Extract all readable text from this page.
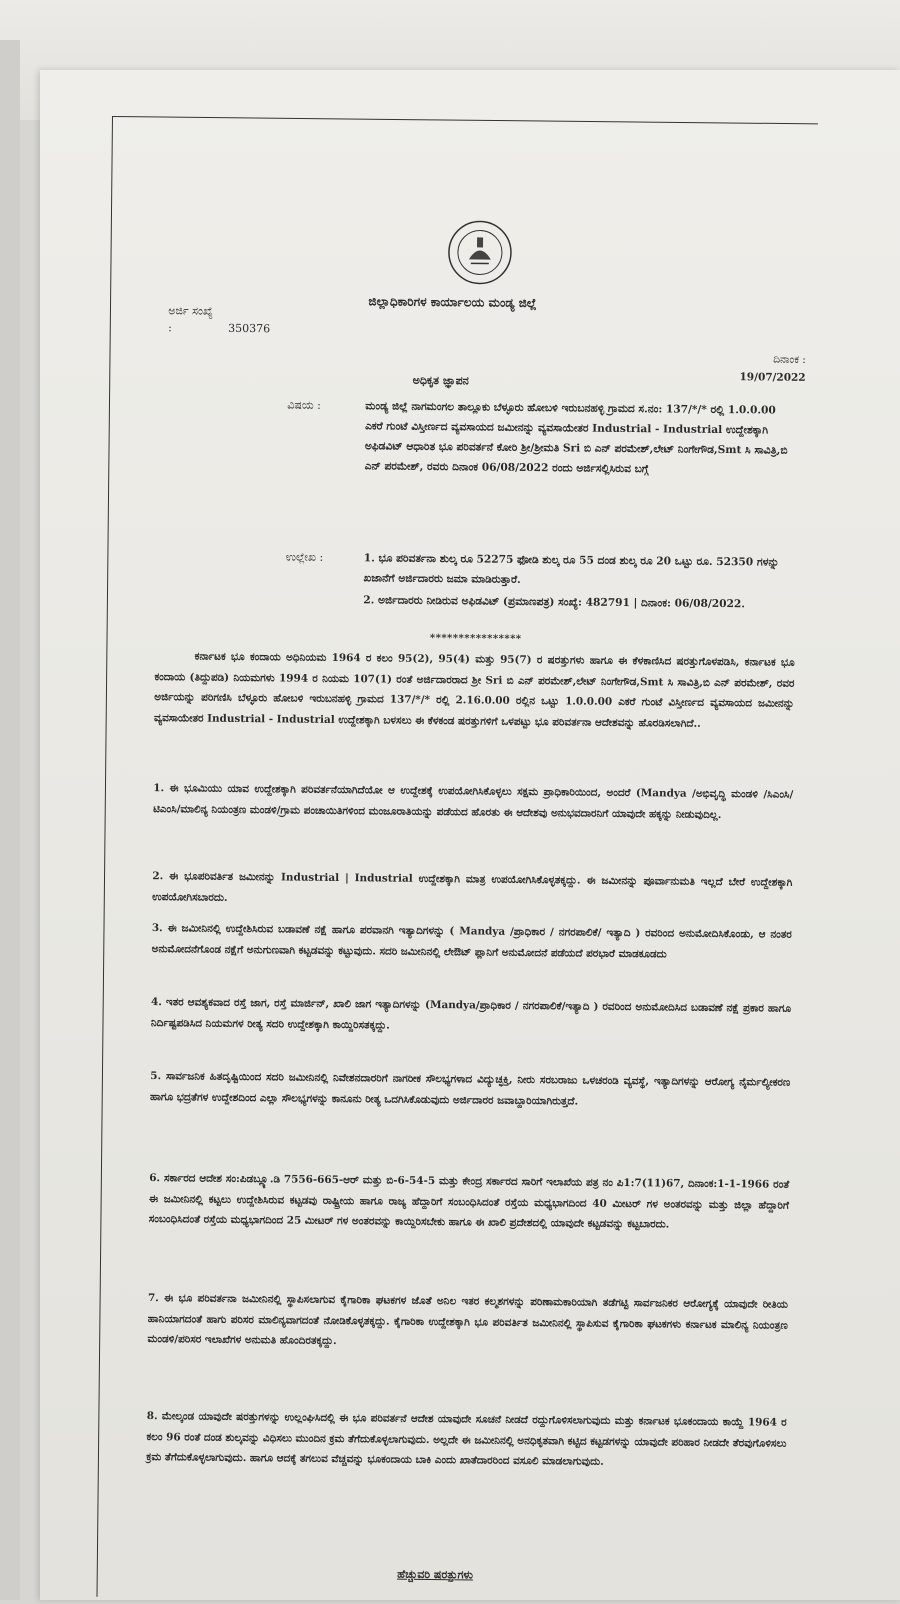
ಜಿಲ್ಲಾಧಿಕಾರಿಗಳ ಕಾರ್ಯಾಲಯ ಮಂಡ್ಯ ಜಿಲ್ಲೆ
ಅರ್ಜಿ ಸಂಖ್ಯೆ :	350376
ದಿನಾಂಕ :
19/07/2022
ಅಧಿಕೃತ ಜ್ಞಾಪನ
ವಿಷಯ :	ಮಂಡ್ಯ ಜಿಲ್ಲೆ ನಾಗಮಂಗಲ ತಾಲ್ಲೂಕು ಬೆಳ್ಳೂರು ಹೋಬಳಿ ಇರುಬನಹಳ್ಳಿ ಗ್ರಾಮದ ಸ.ನಂ: 137/*/* ರಲ್ಲಿ 1.0.0.00 ಎಕರೆ ಗುಂಟೆ ವಿಸ್ತೀರ್ಣದ ವ್ಯವಸಾಯದ ಜಮೀನನ್ನು ವ್ಯವಸಾಯೇತರ Industrial - Industrial ಉದ್ದೇಶಕ್ಕಾಗಿ ಅಫಿಡವಿಟ್ ಆಧಾರಿತ ಭೂ ಪರಿವರ್ತನೆ ಕೋರಿ ಶ್ರೀ/ಶ್ರೀಮತಿ Sri ಬಿ ಎನ್ ಪರಮೇಶ್,ಲೇಟ್ ನಿಂಗೇಗೌಡ,Smt ಸಿ ಸಾವಿತ್ರಿ,ಬಿ ಎನ್ ಪರಮೇಶ್, ರವರು ದಿನಾಂಕ 06/08/2022 ರಂದು ಅರ್ಜಿಸಲ್ಲಿಸಿರುವ ಬಗ್ಗೆ
ಉಲ್ಲೇಖ :	1. ಭೂ ಪರಿವರ್ತನಾ ಶುಲ್ಕ ರೂ 52275 ಫೋಡಿ ಶುಲ್ಕ ರೂ 55 ದಂಡ ಶುಲ್ಕ ರೂ 20 ಒಟ್ಟು ರೂ. 52350 ಗಳನ್ನು ಖಜಾನೆಗೆ ಅರ್ಜಿದಾರರು ಜಮಾ ಮಾಡಿರುತ್ತಾರೆ.
2. ಅರ್ಜಿದಾರರು ನೀಡಿರುವ ಅಫಿಡವಿಟ್ (ಪ್ರಮಾಣಪತ್ರ) ಸಂಖ್ಯೆ: 482791 | ದಿನಾಂಕ: 06/08/2022.
****************
ಕರ್ನಾಟಕ ಭೂ ಕಂದಾಯ ಅಧಿನಿಯಮ 1964 ರ ಕಲಂ 95(2), 95(4) ಮತ್ತು 95(7) ರ ಷರತ್ತುಗಳು ಹಾಗೂ ಈ ಕೆಳಕಾಣಿಸಿದ ಷರತ್ತುಗೊಳಪಡಿಸಿ, ಕರ್ನಾಟಕ ಭೂ ಕಂದಾಯ (ತಿದ್ದುಪಡಿ) ನಿಯಮಗಳು 1994 ರ ನಿಯಮ 107(1) ರಂತೆ ಅರ್ಜಿದಾರರಾದ ಶ್ರೀ Sri ಬಿ ಎನ್ ಪರಮೇಶ್,ಲೇಟ್ ನಿಂಗೇಗೌಡ,Smt ಸಿ ಸಾವಿತ್ರಿ,ಬಿ ಎನ್ ಪರಮೇಶ್, ರವರ ಅರ್ಜಿಯನ್ನು ಪರಿಗಣಿಸಿ ಬೆಳ್ಳೂರು ಹೋಬಳಿ ಇರುಬನಹಳ್ಳಿ ಗ್ರಾಮದ 137/*/* ರಲ್ಲಿ 2.16.0.00 ರಲ್ಲಿನ ಒಟ್ಟು 1.0.0.00 ಎಕರೆ ಗುಂಟೆ ವಿಸ್ತೀರ್ಣದ ವ್ಯವಸಾಯದ ಜಮೀನನ್ನು ವ್ಯವಸಾಯೇತರ Industrial - Industrial ಉದ್ದೇಶಕ್ಕಾಗಿ ಬಳಸಲು ಈ ಕೆಳಕಂಡ ಷರತ್ತುಗಳಿಗೆ ಒಳಪಟ್ಟು ಭೂ ಪರಿವರ್ತನಾ ಆದೇಶವನ್ನು ಹೊರಡಿಸಲಾಗಿದೆ..
1. ಈ ಭೂಮಿಯು ಯಾವ ಉದ್ದೇಶಕ್ಕಾಗಿ ಪರಿವರ್ತನೆಯಾಗಿದೆಯೋ ಆ ಉದ್ದೇಶಕ್ಕೆ ಉಪಯೋಗಿಸಿಕೊಳ್ಳಲು ಸಕ್ಷಮ ಪ್ರಾಧಿಕಾರಿಯಿಂದ, ಅಂದರೆ (Mandya /ಅಭಿವೃದ್ಧಿ ಮಂಡಳಿ /ಸಿಎಂಸಿ/ಟಿಎಂಸಿ/ಮಾಲಿನ್ಯ ನಿಯಂತ್ರಣ ಮಂಡಳಿ/ಗ್ರಾಮ ಪಂಚಾಯಿತಿಗಳಿಂದ ಮಂಜೂರಾತಿಯನ್ನು ಪಡೆಯದ ಹೊರತು ಈ ಆದೇಶವು ಅನುಭವದಾರನಿಗೆ ಯಾವುದೇ ಹಕ್ಕನ್ನು ನೀಡುವುದಿಲ್ಲ.
2. ಈ ಭೂಪರಿವರ್ತಿತ ಜಮೀನನ್ನು Industrial | Industrial ಉದ್ದೇಶಕ್ಕಾಗಿ ಮಾತ್ರ ಉಪಯೋಗಿಸಿಕೊಳ್ಳತಕ್ಕದ್ದು. ಈ ಜಮೀನನ್ನು ಪೂರ್ವಾನುಮತಿ ಇಲ್ಲದೆ ಬೇರೆ ಉದ್ದೇಶಕ್ಕಾಗಿ ಉಪಯೋಗಿಸಬಾರದು.
3. ಈ ಜಮೀನಿನಲ್ಲಿ ಉದ್ದೇಶಿಸಿರುವ ಬಡಾವಣೆ ನಕ್ಷೆ ಹಾಗೂ ಪರವಾನಗಿ ಇತ್ಯಾದಿಗಳನ್ನು ( Mandya /ಪ್ರಾಧಿಕಾರ / ನಗರಪಾಲಿಕೆ/ ಇತ್ಯಾದಿ ) ರವರಿಂದ ಅನುಮೋದಿಸಿಕೊಂಡು, ಆ ನಂತರ ಅನುಮೋದನೆಗೊಂಡ ನಕ್ಷೆಗೆ ಅನುಗುಣವಾಗಿ ಕಟ್ಟಡವನ್ನು ಕಟ್ಟುವುದು. ಸದರಿ ಜಮೀನಿನಲ್ಲಿ ಲೇಔಟ್ ಪ್ಲಾನಿಗೆ ಅನುಮೋದನೆ ಪಡೆಯದೆ ಪರಭಾರೆ ಮಾಡಕೂಡದು
4. ಇತರ ಆವಶ್ಯಕವಾದ ರಸ್ತೆ ಜಾಗ, ರಸ್ತೆ ಮಾರ್ಜಿನ್, ಖಾಲಿ ಜಾಗ ಇತ್ಯಾದಿಗಳನ್ನು (Mandya/ಪ್ರಾಧಿಕಾರ / ನಗರಪಾಲಿಕೆ/ಇತ್ಯಾದಿ ) ರವರಿಂದ ಅನುಮೋದಿಸಿದ ಬಡಾವಣೆ ನಕ್ಷೆ ಪ್ರಕಾರ ಹಾಗೂ ನಿರ್ದಿಷ್ಟಪಡಿಸಿದ ನಿಯಮಗಳ ರೀತ್ಯ ಸದರಿ ಉದ್ದೇಶಕ್ಕಾಗಿ ಕಾಯ್ದಿರಿಸತಕ್ಕದ್ದು.
5. ಸಾರ್ವಜನಿಕ ಹಿತದೃಷ್ಟಿಯಿಂದ ಸದರಿ ಜಮೀನಿನಲ್ಲಿ ನಿವೇಶನದಾರರಿಗೆ ನಾಗರೀಕ ಸೌಲಭ್ಯಗಳಾದ ವಿದ್ಯುಚ್ಛಕ್ತಿ, ನೀರು ಸರಬರಾಜು ಒಳಚರಂಡಿ ವ್ಯವಸ್ಥೆ, ಇತ್ಯಾದಿಗಳನ್ನು ಆರೋಗ್ಯ ನೈರ್ಮಲ್ಯೀಕರಣ ಹಾಗೂ ಭದ್ರತೆಗಳ ಉದ್ದೇಶದಿಂದ ಎಲ್ಲಾ ಸೌಲಭ್ಯಗಳನ್ನು ಕಾನೂನು ರೀತ್ಯ ಒದಗಿಸಿಕೊಡುವುದು ಅರ್ಜಿದಾರರ ಜವಾಬ್ದಾರಿಯಾಗಿರುತ್ತದೆ.
6. ಸರ್ಕಾರದ ಆದೇಶ ಸಂ:ಪಿಡಬ್ಲ್ಯೂ.ಡಿ 7556-665-ಆರ್ ಮತ್ತು ಬಿ-6-54-5 ಮತ್ತು ಕೇಂದ್ರ ಸರ್ಕಾರದ ಸಾರಿಗೆ ಇಲಾಖೆಯ ಪತ್ರ ನಂ ಪಿ1:7(11)67, ದಿನಾಂಕ:1-1-1966 ರಂತೆ ಈ ಜಮೀನಿನಲ್ಲಿ ಕಟ್ಟಲು ಉದ್ದೇಶಿಸಿರುವ ಕಟ್ಟಡವು ರಾಷ್ಟ್ರೀಯ ಹಾಗೂ ರಾಜ್ಯ ಹೆದ್ದಾರಿಗೆ ಸಂಬಂಧಿಸಿದಂತೆ ರಸ್ತೆಯ ಮಧ್ಯಭಾಗದಿಂದ 40 ಮೀಟರ್ ಗಳ ಅಂತರವನ್ನು ಮತ್ತು ಜಿಲ್ಲಾ ಹೆದ್ದಾರಿಗೆ ಸಂಬಂಧಿಸಿದಂತೆ ರಸ್ತೆಯ ಮಧ್ಯಭಾಗದಿಂದ 25 ಮೀಟರ್ ಗಳ ಅಂತರವನ್ನು ಕಾಯ್ದಿರಿಸಬೇಕು ಹಾಗೂ ಈ ಖಾಲಿ ಪ್ರದೇಶದಲ್ಲಿ ಯಾವುದೇ ಕಟ್ಟಡವನ್ನು ಕಟ್ಟಬಾರದು.
7. ಈ ಭೂ ಪರಿವರ್ತನಾ ಜಮೀನಿನಲ್ಲಿ ಸ್ಥಾಪಿಸಲಾಗುವ ಕೈಗಾರಿಕಾ ಘಟಕಗಳ ಜೊತೆ ಅನಿಲ ಇತರ ಕಲ್ಮಶಗಳನ್ನು ಪರಿಣಾಮಕಾರಿಯಾಗಿ ತಡೆಗಟ್ಟಿ ಸಾರ್ವಜನಿಕರ ಆರೋಗ್ಯಕ್ಕೆ ಯಾವುದೇ ರೀತಿಯ ಹಾನಿಯಾಗದಂತೆ ಹಾಗು ಪರಿಸರ ಮಾಲಿನ್ಯವಾಗದಂತೆ ನೋಡಿಕೊಳ್ಳತಕ್ಕದ್ದು. ಕೈಗಾರಿಕಾ ಉದ್ದೇಶಕ್ಕಾಗಿ ಭೂ ಪರಿವರ್ತಿತ ಜಮೀನಿನಲ್ಲಿ ಸ್ಥಾಪಿಸುವ ಕೈಗಾರಿಕಾ ಘಟಕಗಳು ಕರ್ನಾಟಕ ಮಾಲಿನ್ಯ ನಿಯಂತ್ರಣ ಮಂಡಳಿ/ಪರಿಸರ ಇಲಾಖೆಗಳ ಅನುಮತಿ ಹೊಂದಿರತಕ್ಕದ್ದು.
8. ಮೇಲ್ಕಂಡ ಯಾವುದೇ ಷರತ್ತುಗಳನ್ನು ಉಲ್ಲಂಘಿಸಿದಲ್ಲಿ ಈ ಭೂ ಪರಿವರ್ತನೆ ಆದೇಶ ಯಾವುದೇ ಸೂಚನೆ ನೀಡದೆ ರದ್ದುಗೊಳಿಸಲಾಗುವುದು ಮತ್ತು ಕರ್ನಾಟಕ ಭೂಕಂದಾಯ ಕಾಯ್ದೆ 1964 ರ ಕಲಂ 96 ರಂತೆ ದಂಡ ಶುಲ್ಕವನ್ನು ವಿಧಿಸಲು ಮುಂದಿನ ಕ್ರಮ ತೆಗೆದುಕೊಳ್ಳಲಾಗುವುದು. ಅಲ್ಲದೇ ಈ ಜಮೀನಿನಲ್ಲಿ ಅನಧಿಕೃತವಾಗಿ ಕಟ್ಟಿದ ಕಟ್ಟಡಗಳನ್ನು ಯಾವುದೇ ಪರಿಹಾರ ನೀಡದೇ ತೆರವುಗೊಳಿಸಲು ಕ್ರಮ ತೆಗೆದುಕೊಳ್ಳಲಾಗುವುದು. ಹಾಗೂ ಆದಕ್ಕೆ ತಗಲುವ ವೆಚ್ಚವನ್ನು ಭೂಕಂದಾಯ ಬಾಕಿ ಎಂದು ಖಾತೆದಾರರಿಂದ ವಸೂಲಿ ಮಾಡಲಾಗುವುದು.
ಹೆಚ್ಚುವರಿ ಷರತ್ತುಗಳು
